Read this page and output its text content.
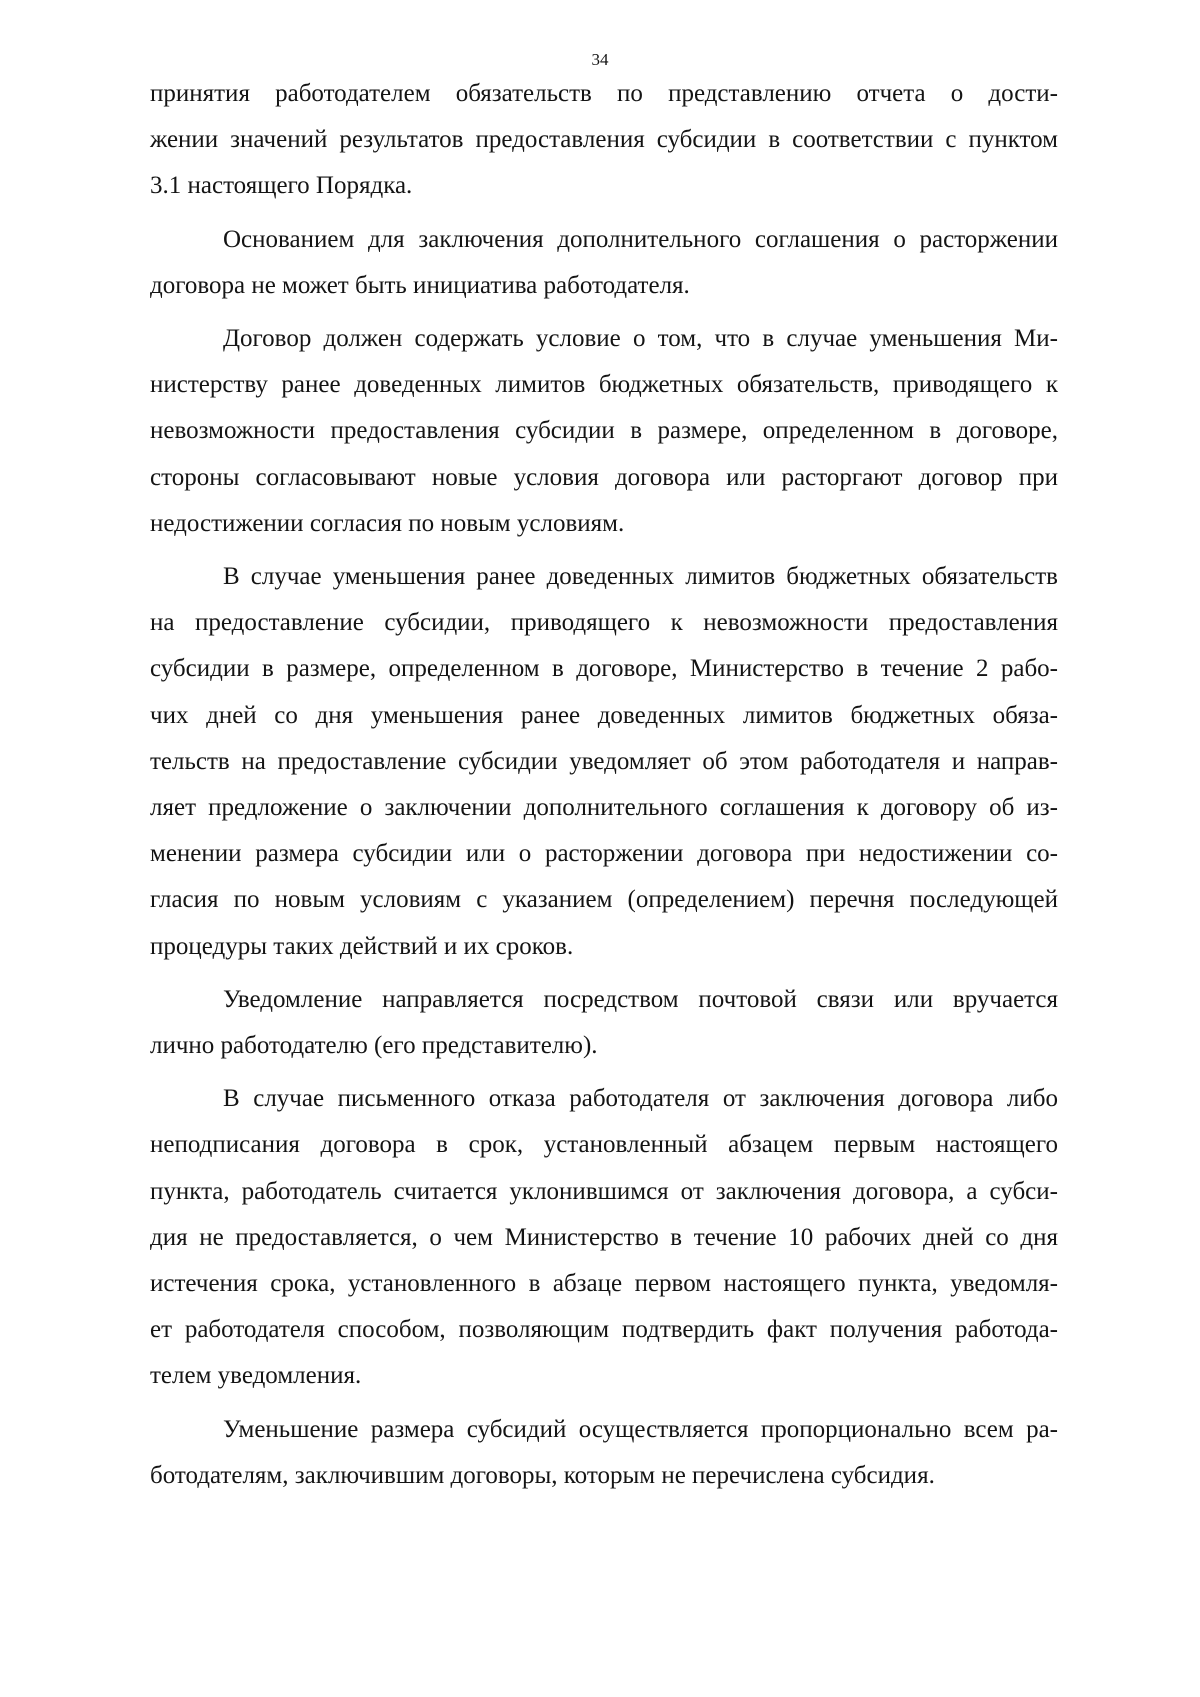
34
принятия работодателем обязательств по представлению отчета о дости-
жении значений результатов предоставления субсидии в соответствии с пунктом
3.1 настоящего Порядка.
Основанием для заключения дополнительного соглашения о расторжении
договора не может быть инициатива работодателя.
Договор должен содержать условие о том, что в случае уменьшения Ми-
нистерству ранее доведенных лимитов бюджетных обязательств, приводящего к
невозможности предоставления субсидии в размере, определенном в договоре,
стороны согласовывают новые условия договора или расторгают договор при
недостижении согласия по новым условиям.
В случае уменьшения ранее доведенных лимитов бюджетных обязательств
на предоставление субсидии, приводящего к невозможности предоставления
субсидии в размере, определенном в договоре, Министерство в течение 2 рабо-
чих дней со дня уменьшения ранее доведенных лимитов бюджетных обяза-
тельств на предоставление субсидии уведомляет об этом работодателя и направ-
ляет предложение о заключении дополнительного соглашения к договору об из-
менении размера субсидии или о расторжении договора при недостижении со-
гласия по новым условиям с указанием (определением) перечня последующей
процедуры таких действий и их сроков.
Уведомление направляется посредством почтовой связи или вручается
лично работодателю (его представителю).
В случае письменного отказа работодателя от заключения договора либо
неподписания договора в срок, установленный абзацем первым настоящего
пункта, работодатель считается уклонившимся от заключения договора, а субси-
дия не предоставляется, о чем Министерство в течение 10 рабочих дней со дня
истечения срока, установленного в абзаце первом настоящего пункта, уведомля-
ет работодателя способом, позволяющим подтвердить факт получения работода-
телем уведомления.
Уменьшение размера субсидий осуществляется пропорционально всем ра-
ботодателям, заключившим договоры, которым не перечислена субсидия.
